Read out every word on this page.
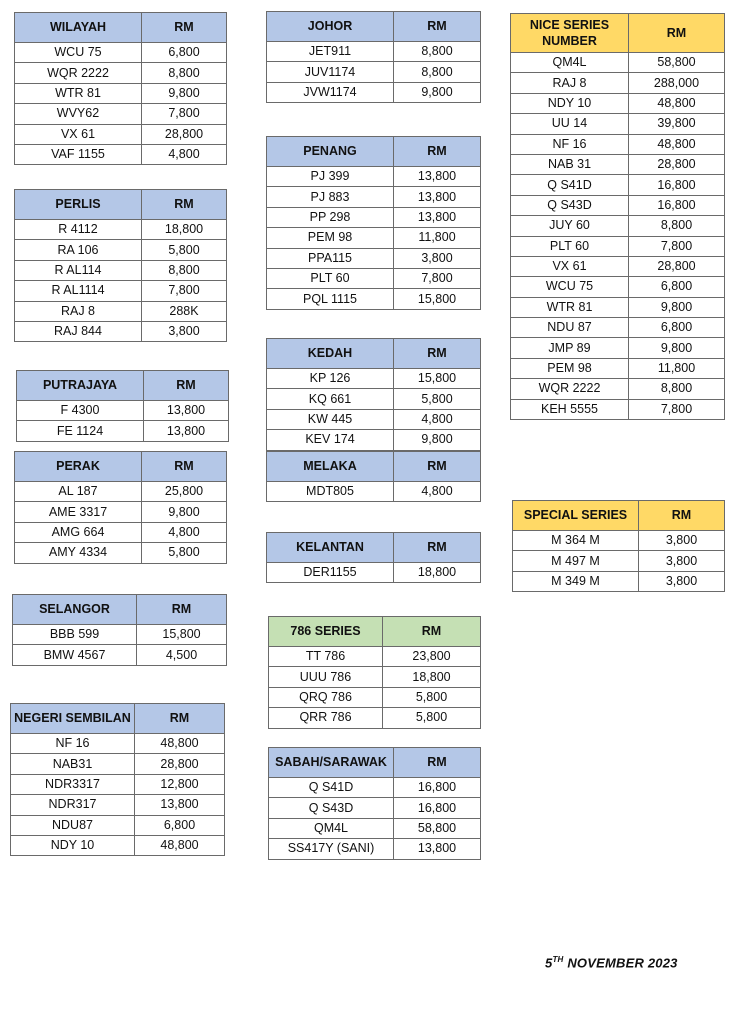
WILAYAH	RM
WCU 75	6,800
WQR 2222	8,800
WTR 81	9,800
WVY62	7,800
VX 61	28,800
VAF 1155	4,800
PERLIS	RM
R 4112	18,800
RA 106	5,800
R AL114	8,800
R AL1114	7,800
RAJ 8	288K
RAJ 844	3,800
PUTRAJAYA	RM
F 4300	13,800
FE 1124	13,800
PERAK	RM
AL 187	25,800
AME 3317	9,800
AMG 664	4,800
AMY 4334	5,800
SELANGOR	RM
BBB 599	15,800
BMW 4567	4,500
NEGERI SEMBILAN	RM
NF 16	48,800
NAB31	28,800
NDR3317	12,800
NDR317	13,800
NDU87	6,800
NDY 10	48,800
JOHOR	RM
JET911	8,800
JUV1174	8,800
JVW1174	9,800
PENANG	RM
PJ 399	13,800
PJ 883	13,800
PP 298	13,800
PEM 98	11,800
PPA115	3,800
PLT 60	7,800
PQL 1115	15,800
KEDAH	RM
KP 126	15,800
KQ 661	5,800
KW 445	4,800
KEV 174	9,800
MELAKA	RM
MDT805	4,800
KELANTAN	RM
DER1155	18,800
786 SERIES	RM
TT 786	23,800
UUU 786	18,800
QRQ 786	5,800
QRR 786	5,800
SABAH/SARAWAK	RM
Q S41D	16,800
Q S43D	16,800
QM4L	58,800
SS417Y (SANI)	13,800
NICE SERIES NUMBER	RM
QM4L	58,800
RAJ 8	288,000
NDY 10	48,800
UU 14	39,800
NF 16	48,800
NAB 31	28,800
Q S41D	16,800
Q S43D	16,800
JUY 60	8,800
PLT 60	7,800
VX 61	28,800
WCU 75	6,800
WTR 81	9,800
NDU 87	6,800
JMP 89	9,800
PEM 98	11,800
WQR 2222	8,800
KEH 5555	7,800
SPECIAL SERIES	RM
M 364 M	3,800
M 497 M	3,800
M 349 M	3,800
5TH NOVEMBER 2023
